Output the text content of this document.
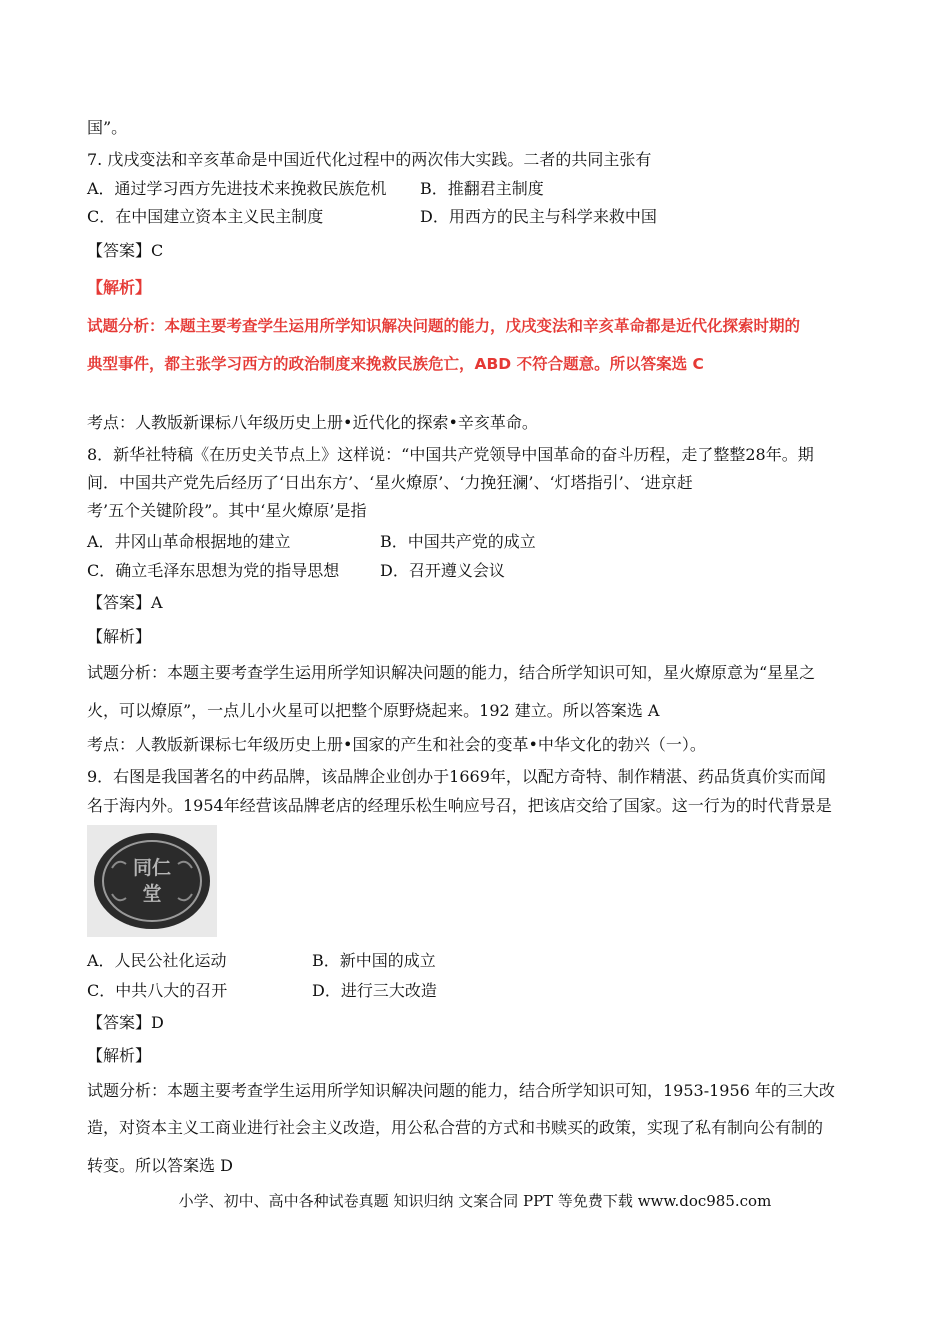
国”。
7. 戊戌变法和辛亥革命是中国近代化过程中的两次伟大实践。二者的共同主张有
A．通过学习西方先进技术来挽救民族危机 B．推翻君主制度
C．在中国建立资本主义民主制度	D．用西方的民主与科学来救中国
【答案】C
【解析】
试题分析：本题主要考查学生运用所学知识解决问题的能力，戊戌变法和辛亥革命都是近代化探索时期的
典型事件，都主张学习西方的政治制度来挽救民族危亡，ABD 不符合题意。所以答案选 C
考点：人教版新课标八年级历史上册•近代化的探索•辛亥革命。
8．新华社特稿《在历史关节点上》这样说：“中国共产党领导中国革命的奋斗历程，走了整整28年。期
间．中国共产党先后经历了‘日出东方’、‘星火燎原’、‘力挽狂澜’、‘灯塔指引’、‘进京赶
考’五个关键阶段”。其中‘星火燎原’是指
A．井冈山革命根据地的建立	B．中国共产党的成立
C．确立毛泽东思想为党的指导思想	D．召开遵义会议
【答案】A
【解析】
试题分析：本题主要考查学生运用所学知识解决问题的能力，结合所学知识可知，星火燎原意为“星星之
火，可以燎原”，一点儿小火星可以把整个原野烧起来。192 建立。所以答案选 A
考点：人教版新课标七年级历史上册•国家的产生和社会的变革•中华文化的勃兴（一）。
9．右图是我国著名的中药品牌，该品牌企业创办于1669年，以配方奇特、制作精湛、药品货真价实而闻
名于海内外。1954年经营该品牌老店的经理乐松生响应号召，把该店交给了国家。这一行为的时代背景是
同仁
堂
A．人民公社化运动	B．新中国的成立
C．中共八大的召开	D．进行三大改造
【答案】D
【解析】
试题分析：本题主要考查学生运用所学知识解决问题的能力，结合所学知识可知，1953-1956 年的三大改
造，对资本主义工商业进行社会主义改造，用公私合营的方式和书赎买的政策，实现了私有制向公有制的
转变。所以答案选 D
小学、初中、高中各种试卷真题 知识归纳 文案合同 PPT 等免费下载 www.doc985.com
